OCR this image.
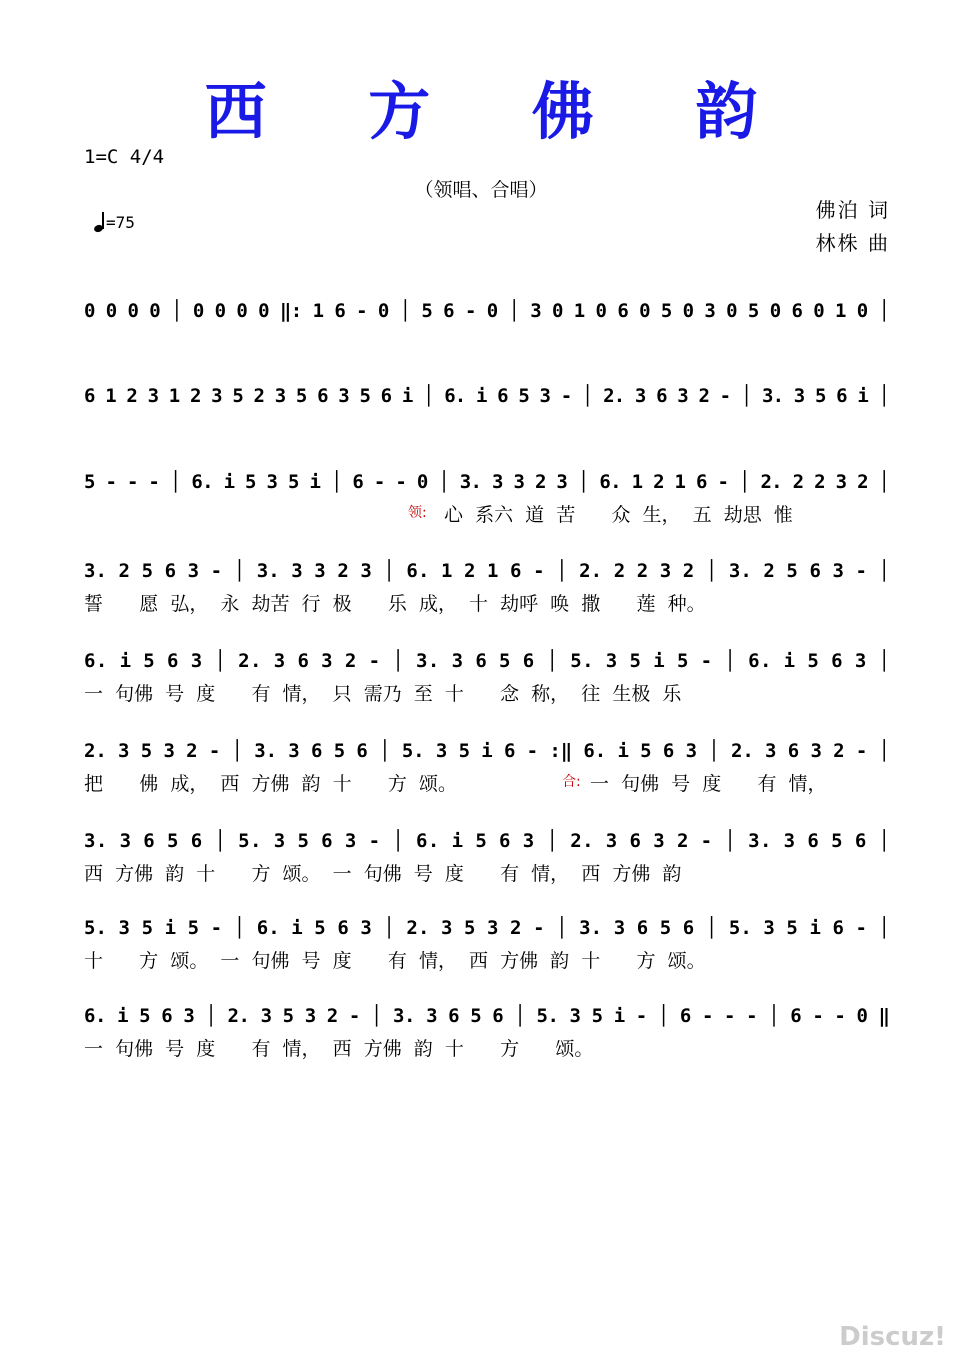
西 方 佛 韵
1=C 4/4
（领唱、合唱）
=75
佛泊 词
林株 曲
0 0 0 0 │ 0 0 0 0 ‖: 1 6 - 0 │ 5 6 - 0 │ 3 0 1 0 6 0 5 0 3 0 5 0 6 0 1 0 │
6 1 2 3 1 2 3 5 2 3 5 6 3 5 6 i │ 6. i 6 5 3 - │ 2. 3 6 3 2 - │ 3. 3 5 6 i │
5 - - - │ 6. i 5 3 5 i │ 6 - - 0 │ 3. 3 3 2 3 │ 6. 1 2 1 6 - │ 2. 2 2 3 2 │
领: 心  系六  道  苦      众  生，  五  劫思  惟
3. 2 5 6 3 - │ 3. 3 3 2 3 │ 6. 1 2 1 6 - │ 2. 2 2 3 2 │ 3. 2 5 6 3 - │
誓      愿  弘，  永  劫苦  行  极      乐  成，  十  劫呼  唤  撒      莲  种。
6. i 5 6 3 │ 2. 3 6 3 2 - │ 3. 3 6 5 6 │ 5. 3 5 i 5 - │ 6. i 5 6 3 │
一  句佛  号  度      有  情，  只  需乃  至  十      念  称，  往  生极  乐
2. 3 5 3 2 - │ 3. 3 6 5 6 │ 5. 3 5 i 6 - :‖ 6. i 5 6 3 │ 2. 3 6 3 2 - │
把      佛  成，  西  方佛  韵  十      方  颂。	合: 一  句佛  号  度      有  情，
3. 3 6 5 6 │ 5. 3 5 6 3 - │ 6. i 5 6 3 │ 2. 3 6 3 2 - │ 3. 3 6 5 6 │
西  方佛  韵  十      方  颂。  一  句佛  号  度      有  情，  西  方佛  韵
5. 3 5 i 5 - │ 6. i 5 6 3 │ 2. 3 5 3 2 - │ 3. 3 6 5 6 │ 5. 3 5 i 6 - │
十      方  颂。  一  句佛  号  度      有  情，  西  方佛  韵  十      方  颂。
6. i 5 6 3 │ 2. 3 5 3 2 - │ 3. 3 6 5 6 │ 5. 3 5 i - │ 6 - - - │ 6 - - 0 ‖
一  句佛  号  度      有  情，  西  方佛  韵  十      方      颂。
Discuz!
